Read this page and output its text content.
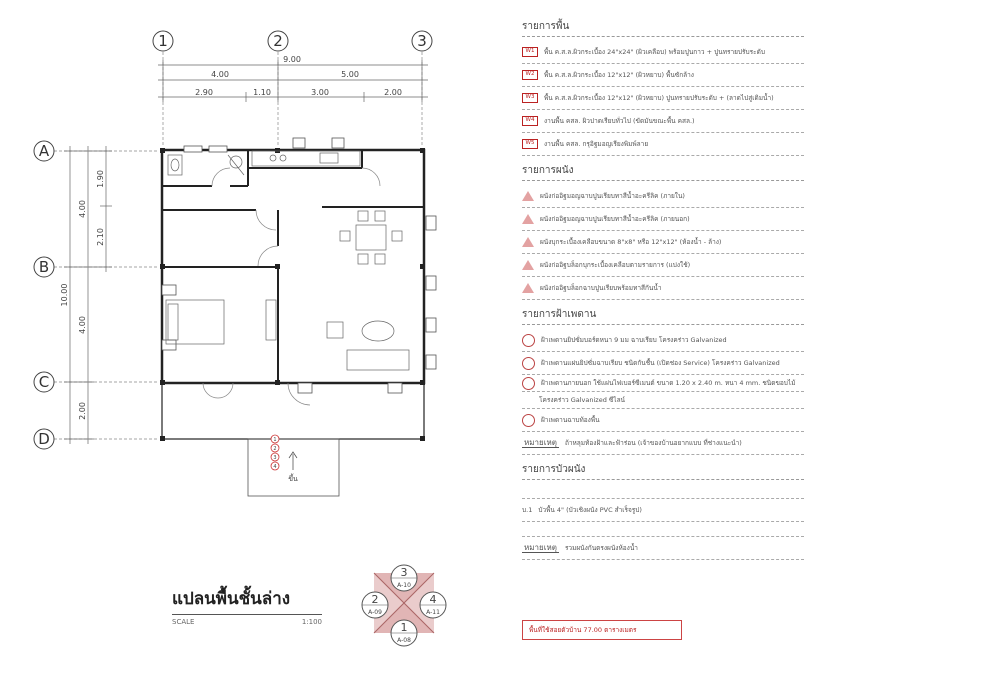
1	2	3
9.00
4.00	5.00
2.90	1.10	3.00	2.00
A
B
C
D
10.00
4.00
4.00
2.00
1.90
2.10
1
2
3
4
ขึ้น
3
A-10
2
A-09
4
A-11
1
A-08
แปลนพื้นชั้นล่าง
SCALE	1:100
รายการพื้น
W1	พื้น ค.ส.ล.ผิวกระเบื้อง 24"x24" (ผิวเคลือบ) พร้อมปูนกาว + ปูนทรายปรับระดับ
W2	พื้น ค.ส.ล.ผิวกระเบื้อง 12"x12" (ผิวหยาบ) พื้นซักล้าง
W3	พื้น ค.ส.ล.ผิวกระเบื้อง 12"x12" (ผิวหยาบ) ปูนทรายปรับระดับ + (ลาดไปสู่เดิมน้ำ)
W4	งานพื้น คสล. ผิวปาดเรียบทั่วไป (ขัดมันขณะพื้น คสล.)
W5	งานพื้น คสล. กรุอิฐมอญเรียงพิมพ์ลาย
รายการผนัง
ผนังก่ออิฐมอญฉาบปูนเรียบทาสีน้ำอะครีลิค (ภายใน)
ผนังก่ออิฐมอญฉาบปูนเรียบทาสีน้ำอะครีลิค (ภายนอก)
ผนังบุกระเบื้องเคลือบขนาด 8"x8" หรือ 12"x12" (ห้องน้ำ - ล้าง)
ผนังก่ออิฐบล็อกบุกระเบื้องเคลือบตามรายการ (แบ่งใช้)
ผนังก่ออิฐบล็อกฉาบปูนเรียบพร้อมทาสีกันน้ำ
รายการฝ้าเพดาน
ฝ้าเพดานยิปซั่มบอร์ดหนา 9 มม ฉาบเรียบ โครงคร่าว Galvanized
ฝ้าเพดานแผ่นยิปซั่มฉาบเรียบ ชนิดกันชื้น (เปิดช่อง Service) โครงคร่าว Galvanized
ฝ้าเพดานภายนอก ใช้แผ่นไฟเบอร์ซีเมนต์ ขนาด 1.20 x 2.40 m. หนา 4 mm. ชนิดขอบไม้
โครงคร่าว Galvanized ซีไลน์
ฝ้าเพดานฉาบท้องพื้น
หมายเหตุ	ถ้าหลุมท้องฝ้าและฟ้าร่อน (เจ้าของบ้านอยากแบบ ที่ช่างแนะนำ)
รายการบัวผนัง
บ.1 บัวพื้น 4" (บัวเชิงผนัง PVC สำเร็จรูป)
หมายเหตุ	รวมผนังกันตรงผนังห้องน้ำ
พื้นที่ใช้สอยตัวบ้าน 77.00 ตารางเมตร
